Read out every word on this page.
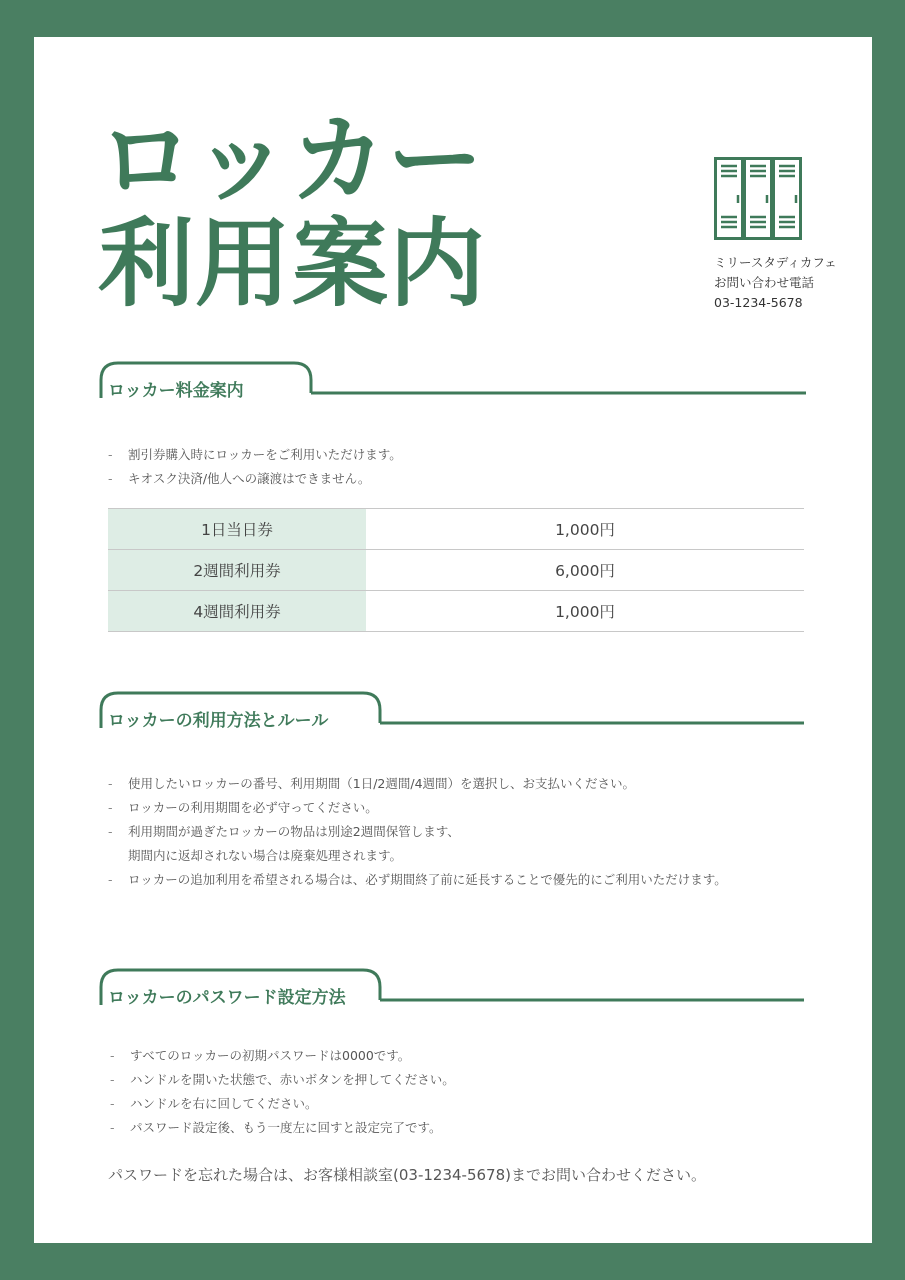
ロッカー
利用案内	ミリースタディカフェ
お問い合わせ電話
03-1234-5678
ロッカー料金案内
- 割引券購入時にロッカーをご利用いただけます。
- キオスク決済/他人への譲渡はできません。
1日当日券	1,000円
2週間利用券	6,000円
4週間利用券	1,000円
ロッカーの利用方法とルール
- 使用したいロッカーの番号、利用期間（1日/2週間/4週間）を選択し、お支払いください。
- ロッカーの利用期間を必ず守ってください。
- 利用期間が過ぎたロッカーの物品は別途2週間保管します、
期間内に返却されない場合は廃棄処理されます。
- ロッカーの追加利用を希望される場合は、必ず期間終了前に延長することで優先的にご利用いただけます。
ロッカーのパスワード設定方法
- すべてのロッカーの初期パスワードは0000です。
- ハンドルを開いた状態で、赤いボタンを押してください。
- ハンドルを右に回してください。
- パスワード設定後、もう一度左に回すと設定完了です。
パスワードを忘れた場合は、お客様相談室(03-1234-5678)までお問い合わせください。
